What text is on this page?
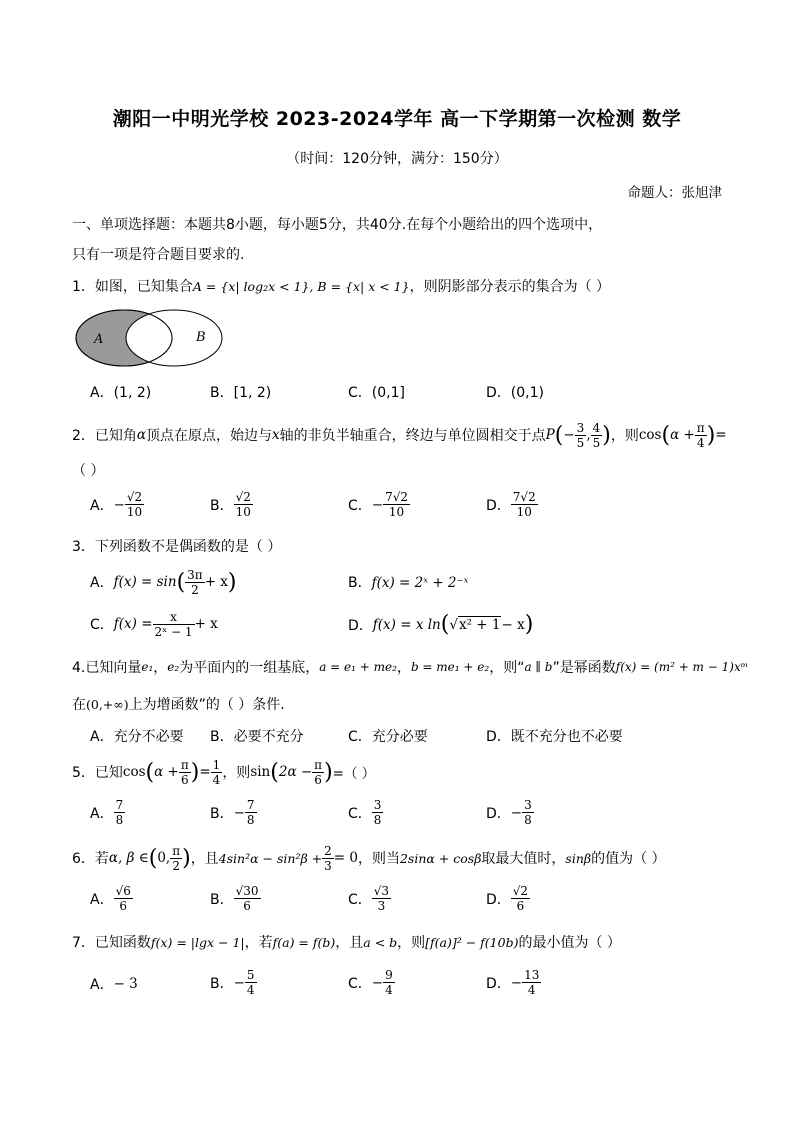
潮阳一中明光学校 2023-2024学年 高一下学期第一次检测 数学
（时间：120分钟，满分：150分）
命题人：张旭津
一、单项选择题：本题共8小题，每小题5分，共40分.在每个小题给出的四个选项中，
只有一项是符合题目要求的.
1．如图，已知集合A = {x| log₂x < 1}, B = {x| x < 1}，则阴影部分表示的集合为（ ）
A	B
A．(1, 2)	B．[1, 2)	C．(0,1]	D．(0,1)
2．已知角 α 顶点在原点，始边与 x 轴的非负半轴重合，终边与单位圆相交于点 P ( − $\frac{3}{5}$ , $\frac{4}{5}$ ) ，则 cos ( $\alpha + \frac{\pi}{4}$ ) =
（ ）
A． − $\frac{√2}{10}$	B． $\frac{√2}{10}$	C． − $\frac{7√2}{10}$	D． $\frac{7√2}{10}$
3．下列函数不是偶函数的是（ ）
A． f(x) = sin ( $\frac{3\pi}{2} + x$ )	B．f(x) = 2ˣ + 2⁻ˣ
C． $f(x) = \frac{x}{\text{2ˣ − 1}} + x$	D． f(x) = x ln ( √ x² + 1 − x )
4.已知向量 e₁ ， e₂ 为平面内的一组基底， a = e₁ + me₂ ， b = me₁ + e₂ ，则“ a ∥ b ”是幂函数 f(x) = (m² + m − 1)xᵐ
在(0,+∞)上为增函数”的（ ）条件.
A．充分不必要 B．必要不充分	C．充分必要	D．既不充分也不必要
5．已知 cos ( $\alpha + \frac{\pi}{6}$ ) = $\frac{1}{4}$ ，则 sin ( $2\alpha - \frac{\pi}{6}$ ) =（ ）
A． $\frac{7}{8}$	B． − $\frac{7}{8}$	C． $\frac{3}{8}$	D． − $\frac{3}{8}$
6．若 α, β ∈ ( 0, $\frac{\pi}{2}$ ) ，且 $4\sin^2\alpha - \sin^2\beta + \frac{2}{3} = 0$ ，则当 2sinα + cosβ 取最大值时， sinβ 的值为（ ）
A． $\frac{√6}{6}$	B． $\frac{√30}{6}$	C． $\frac{√3}{3}$	D． $\frac{√2}{6}$
7．已知函数 f(x) = |lgx − 1| ，若 f(a) = f(b) ，且 a < b ，则 [f(a)]² − f(10b) 的最小值为（ ）
A． − 3	B． − $\frac{5}{4}$	C． − $\frac{9}{4}$	D． − $\frac{13}{4}$
